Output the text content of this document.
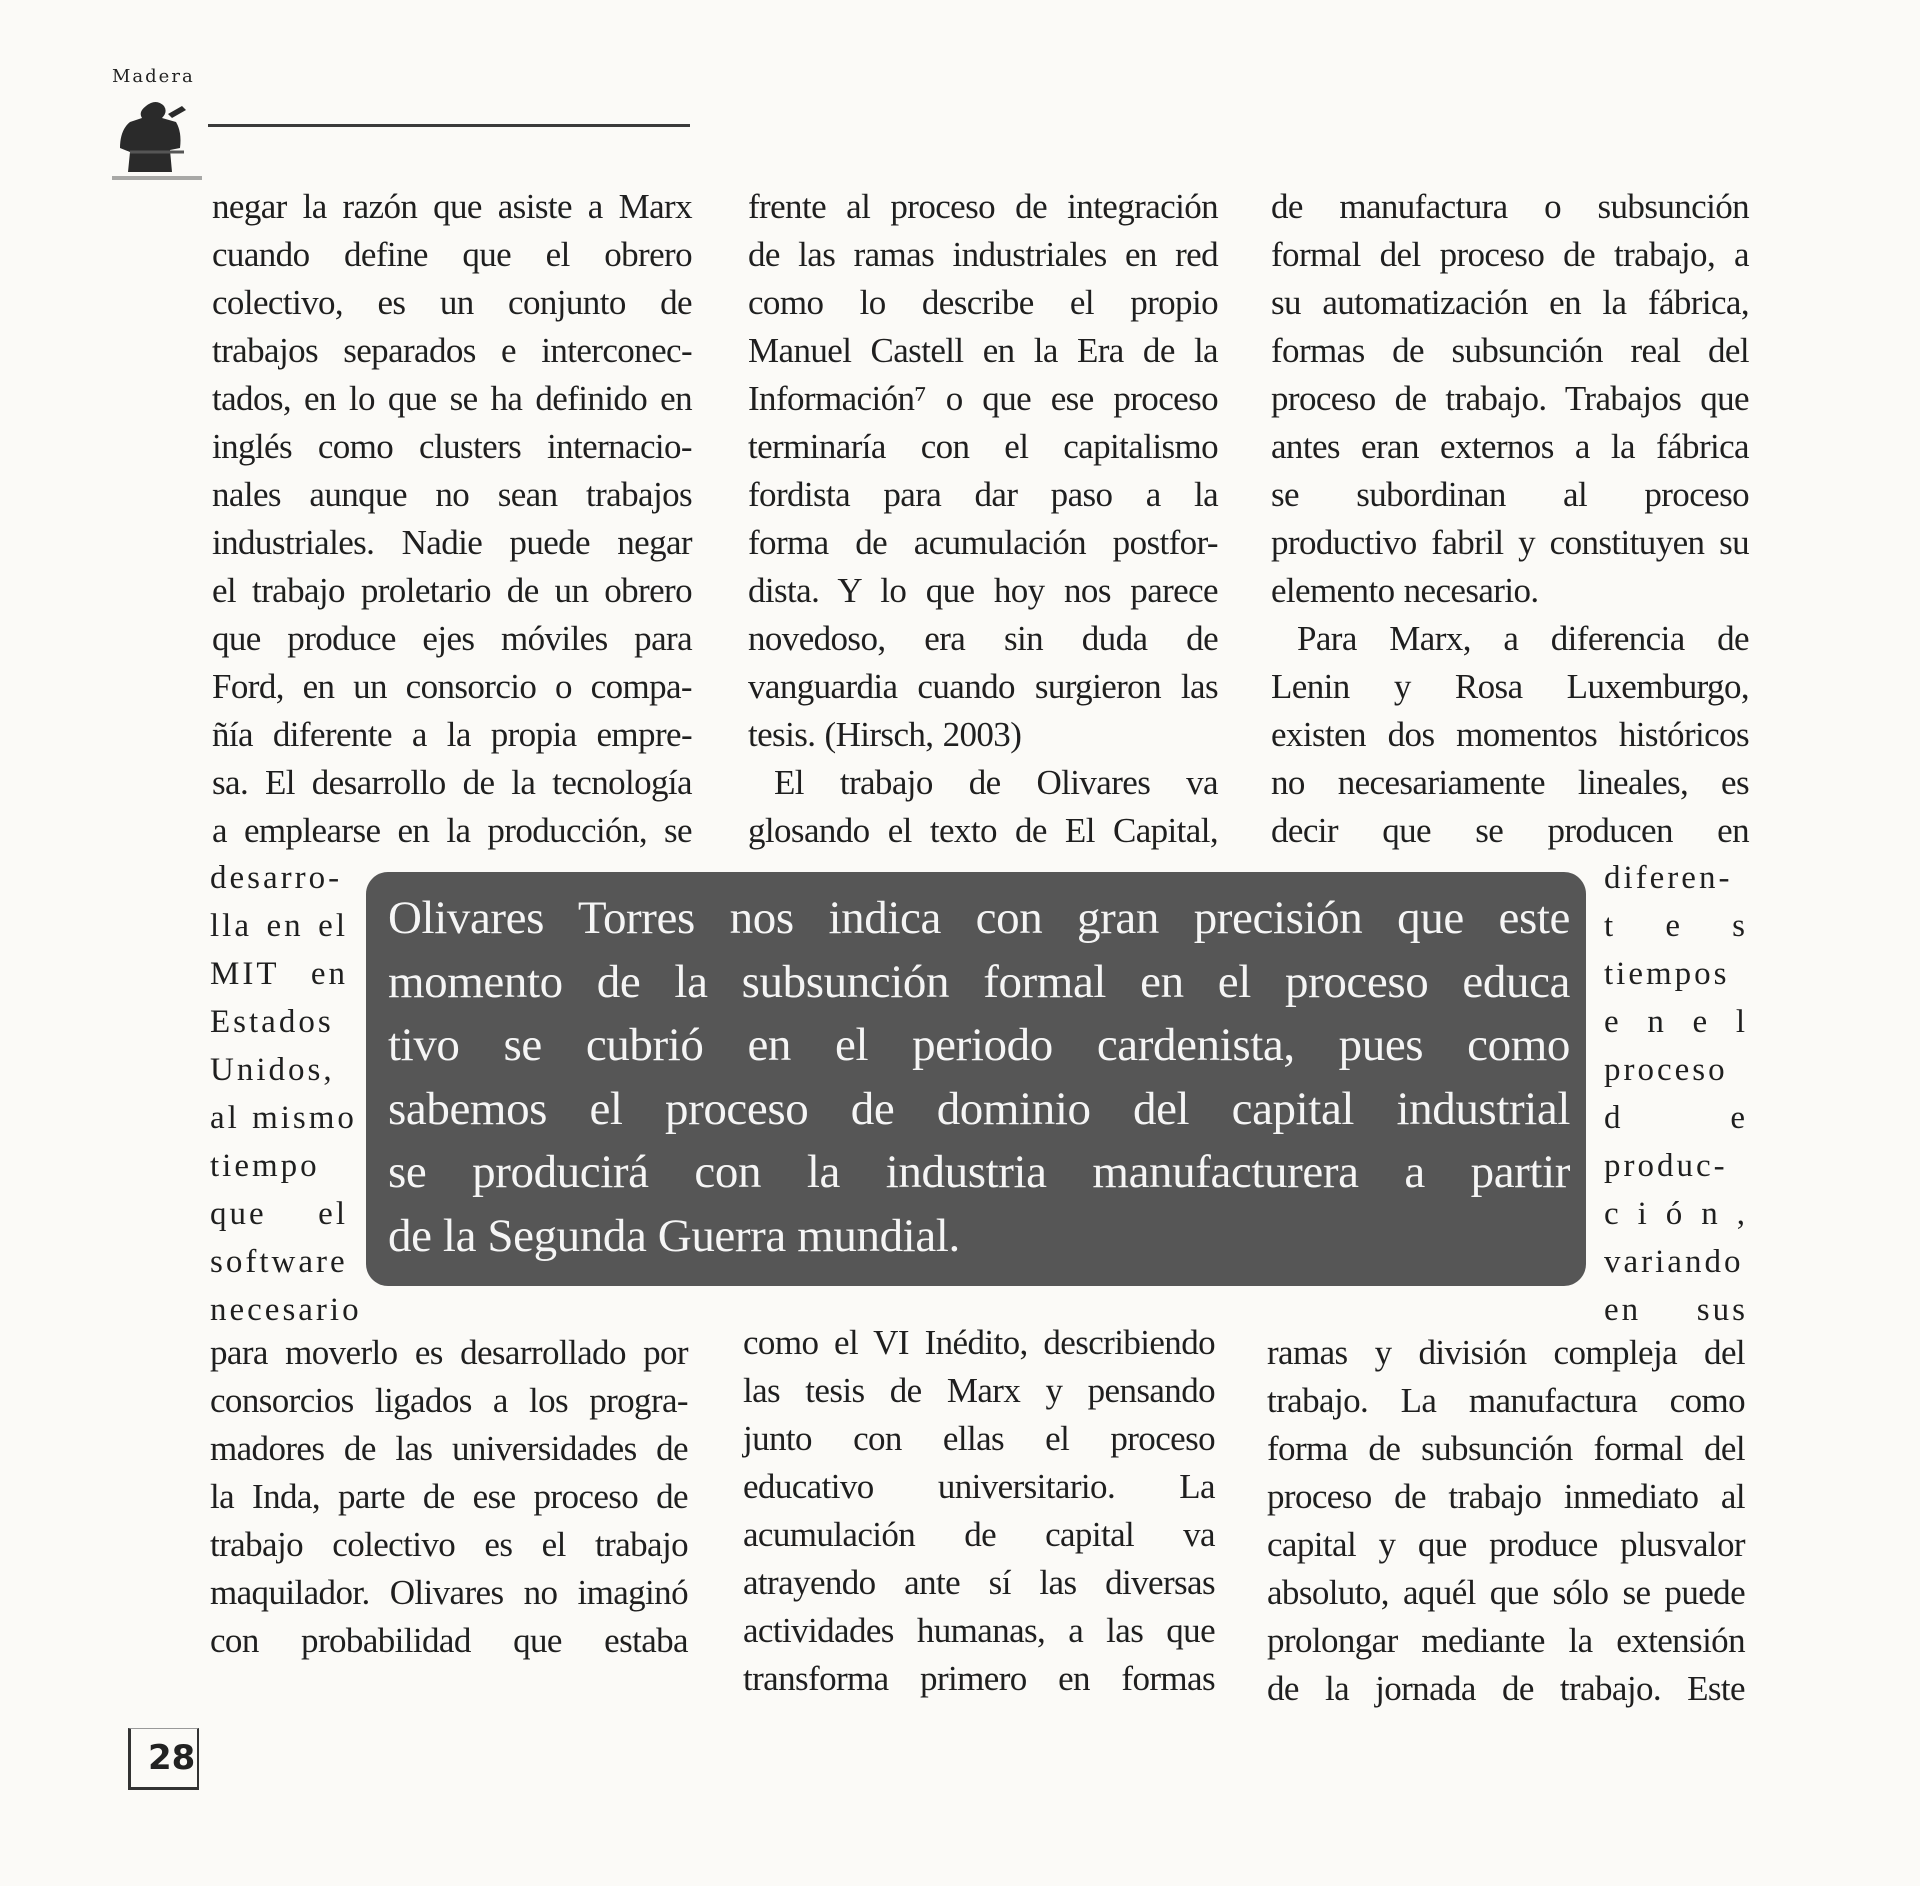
Madera
negar la razón que asiste a Marx
cuando define que el obrero
colectivo, es un conjunto de
trabajos separados e interconec-
tados, en lo que se ha definido en
inglés como clusters internacio-
nales aunque no sean trabajos
industriales. Nadie puede negar
el trabajo proletario de un obrero
que produce ejes móviles para
Ford, en un consorcio o compa-
ñía diferente a la propia empre-
sa. El desarrollo de la tecnología
a emplearse en la producción, se
desarro-
lla en el
MIT en
Estados
Unidos,
al mismo
tiempo
que el
software
necesario
para moverlo es desarrollado por
consorcios ligados a los progra-
madores de las universidades de
la Inda, parte de ese proceso de
trabajo colectivo es el trabajo
maquilador. Olivares no imaginó
con probabilidad que estaba
frente al proceso de integración
de las ramas industriales en red
como lo describe el propio
Manuel Castell en la Era de la
Información⁷ o que ese proceso
terminaría con el capitalismo
fordista para dar paso a la
forma de acumulación postfor-
dista. Y lo que hoy nos parece
novedoso, era sin duda de
vanguardia cuando surgieron las
tesis. (Hirsch, 2003)
El trabajo de Olivares va
glosando el texto de El Capital,
como el VI Inédito, describiendo
las tesis de Marx y pensando
junto con ellas el proceso
educativo universitario. La
acumulación de capital va
atrayendo ante sí las diversas
actividades humanas, a las que
transforma primero en formas
de manufactura o subsunción
formal del proceso de trabajo, a
su automatización en la fábrica,
formas de subsunción real del
proceso de trabajo. Trabajos que
antes eran externos a la fábrica
se subordinan al proceso
productivo fabril y constituyen su
elemento necesario.
Para Marx, a diferencia de
Lenin y Rosa Luxemburgo,
existen dos momentos históricos
no necesariamente lineales, es
decir que se producen en
diferen-
t e s
tiempos
e n e l
proceso
d e
produc-
c i ó n ,
variando
en sus
ramas y división compleja del
trabajo. La manufactura como
forma de subsunción formal del
proceso de trabajo inmediato al
capital y que produce plusvalor
absoluto, aquél que sólo se puede
prolongar mediante la extensión
de la jornada de trabajo. Este
Olivares Torres nos indica con gran precisión que este
momento de la subsunción formal en el proceso educa
tivo se cubrió en el periodo cardenista, pues como
sabemos el proceso de dominio del capital industrial
se producirá con la industria manufacturera a partir
de la Segunda Guerra mundial.
28
